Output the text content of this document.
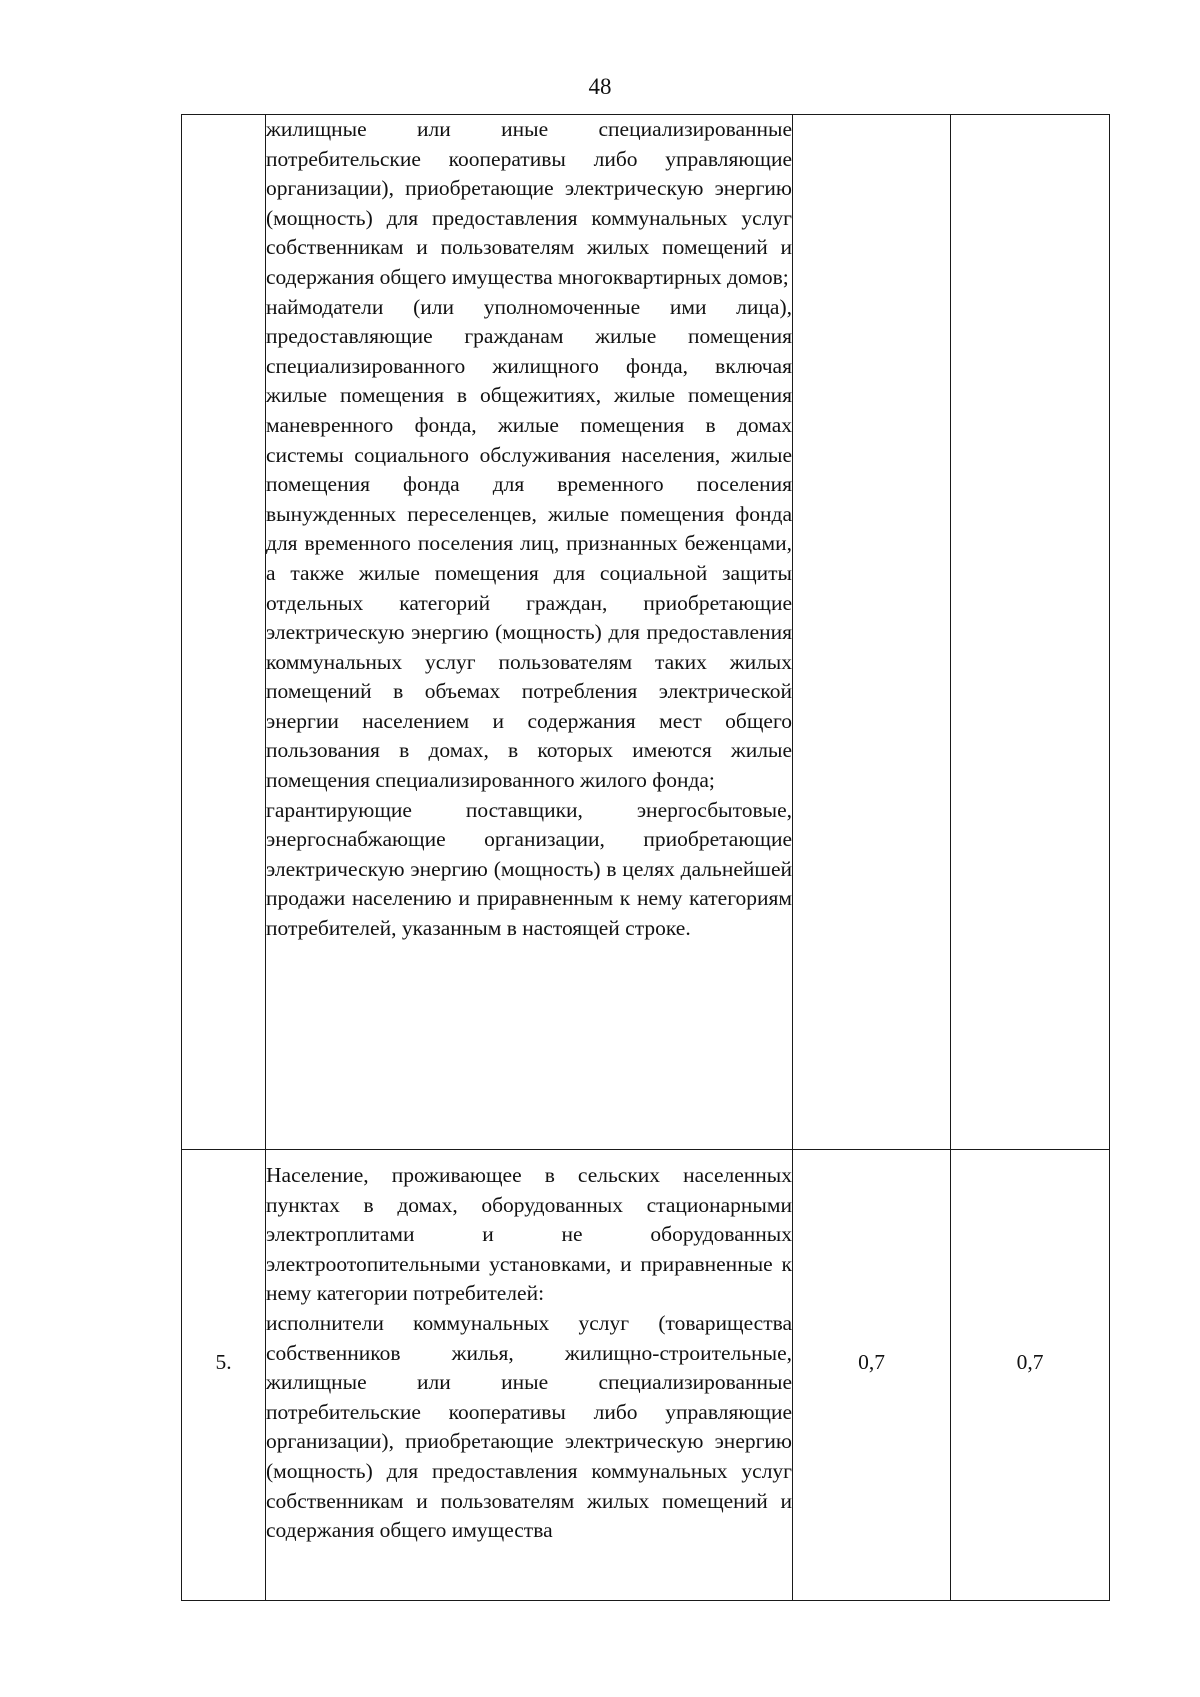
48

	жилищные или иные специализированные потребительские кооперативы либо управляющие организации), приобретающие электрическую энергию (мощность) для предоставления коммунальных услуг собственникам и пользователям жилых помещений и содержания общего имущества многоквартирных домов;
наймодатели (или уполномоченные ими лица), предоставляющие гражданам жилые помещения специализированного жилищного фонда, включая жилые помещения в общежитиях, жилые помещения маневренного фонда, жилые помещения в домах системы социального обслуживания населения, жилые помещения фонда для временного поселения вынужденных переселенцев, жилые помещения фонда для временного поселения лиц, признанных беженцами, а также жилые помещения для социальной защиты отдельных категорий граждан, приобретающие электрическую энергию (мощность) для предоставления коммунальных услуг пользователям таких жилых помещений в объемах потребления электрической энергии населением и содержания мест общего пользования в домах, в которых имеются жилые помещения специализированного жилого фонда;
гарантирующие поставщики, энергосбытовые, энергоснабжающие организации, приобретающие электрическую энергию (мощность) в целях дальнейшей продажи населению и приравненным к нему категориям потребителей, указанным в настоящей строке.		

5.	Население, проживающее в сельских населенных пунктах в домах, оборудованных стационарными электроплитами и не оборудованных электроотопительными установками, и приравненные к нему категории потребителей:
исполнители коммунальных услуг (товарищества собственников жилья, жилищно-строительные, жилищные или иные специализированные потребительские кооперативы либо управляющие организации), приобретающие электрическую энергию (мощность) для предоставления коммунальных услуг собственникам и пользователям жилых помещений и содержания общего имущества	0,7	0,7
